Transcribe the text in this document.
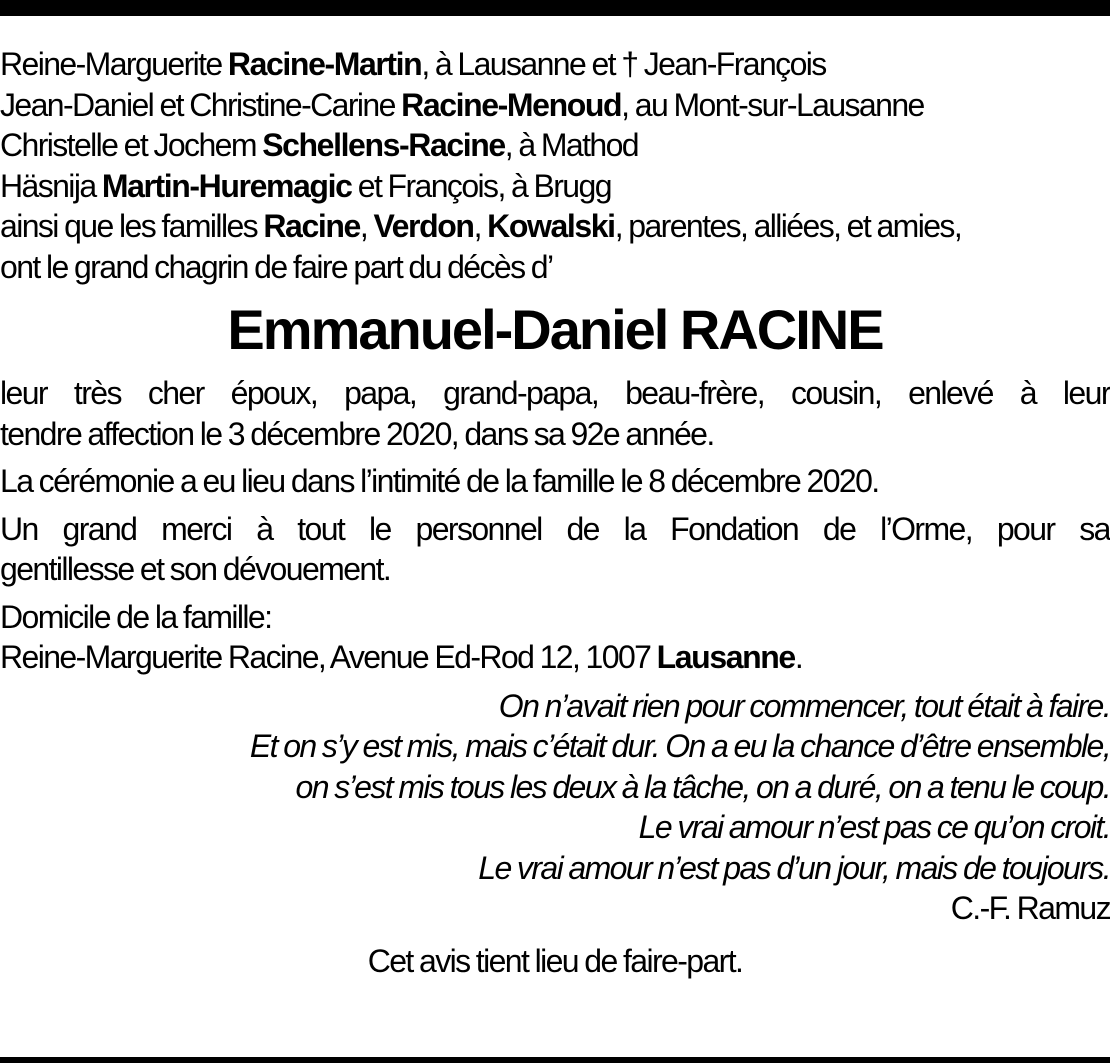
Reine-Marguerite Racine-Martin, à Lausanne et † Jean-François
Jean-Daniel et Christine-Carine Racine-Menoud, au Mont-sur-Lausanne
Christelle et Jochem Schellens-Racine, à Mathod
Häsnija Martin-Huremagic et François, à Brugg
ainsi que les familles Racine, Verdon, Kowalski, parentes, alliées, et amies,
ont le grand chagrin de faire part du décès d’
Emmanuel-Daniel RACINE
leur très cher époux, papa, grand-papa, beau-frère, cousin, enlevé à leur
tendre affection le 3 décembre 2020, dans sa 92e année.
La cérémonie a eu lieu dans l’intimité de la famille le 8 décembre 2020.
Un grand merci à tout le personnel de la Fondation de l’Orme, pour sa
gentillesse et son dévouement.
Domicile de la famille:
Reine-Marguerite Racine, Avenue Ed-Rod 12, 1007 Lausanne.
On n’avait rien pour commencer, tout était à faire.
Et on s’y est mis, mais c’était dur. On a eu la chance d’être ensemble,
on s’est mis tous les deux à la tâche, on a duré, on a tenu le coup.
Le vrai amour n’est pas ce qu’on croit.
Le vrai amour n’est pas d’un jour, mais de toujours.
C.-F. Ramuz
Cet avis tient lieu de faire-part.
